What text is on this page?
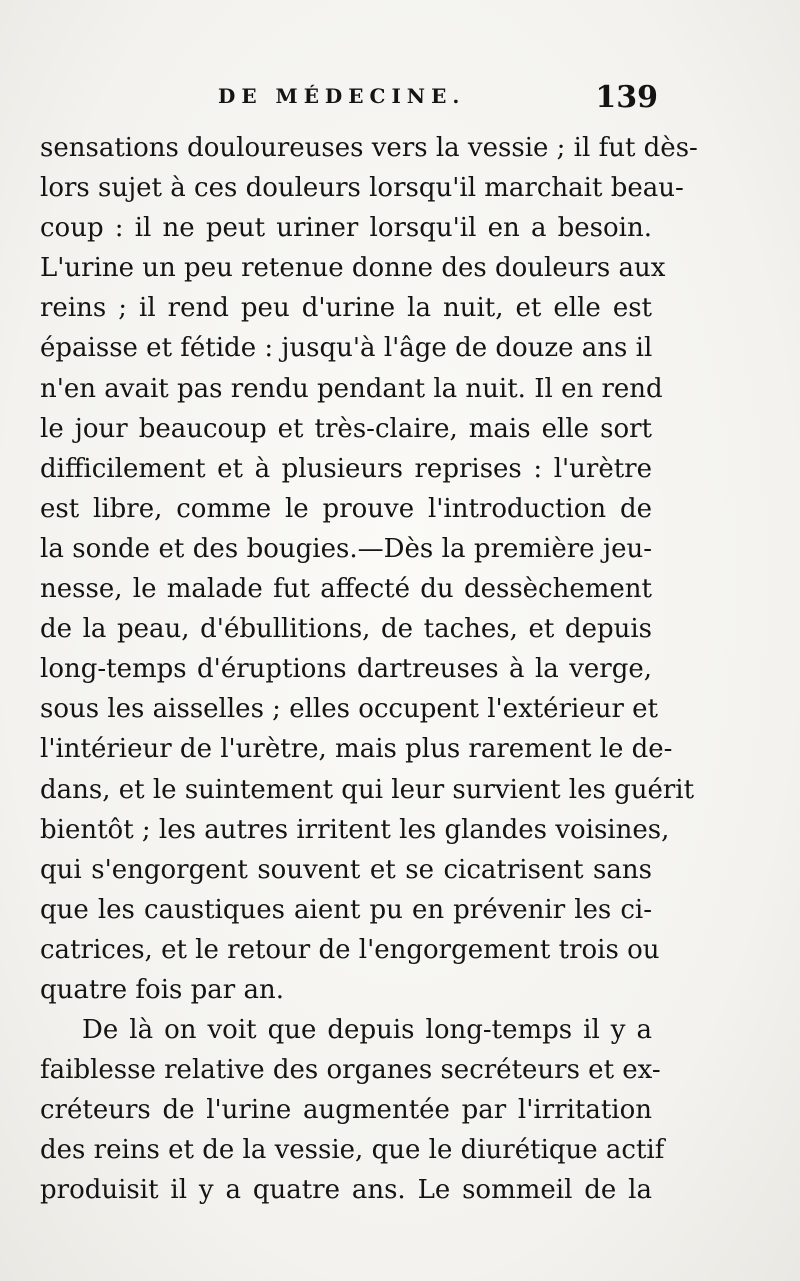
DE MÉDECINE.	139
sensations douloureuses vers la vessie ; il fut dès-
lors sujet à ces douleurs lorsqu'il marchait beau-
coup : il ne peut uriner lorsqu'il en a besoin.
L'urine un peu retenue donne des douleurs aux
reins ; il rend peu d'urine la nuit, et elle est
épaisse et fétide : jusqu'à l'âge de douze ans il
n'en avait pas rendu pendant la nuit. Il en rend
le jour beaucoup et très-claire, mais elle sort
difficilement et à plusieurs reprises : l'urètre
est libre, comme le prouve l'introduction de
la sonde et des bougies.—Dès la première jeu-
nesse, le malade fut affecté du dessèchement
de la peau, d'ébullitions, de taches, et depuis
long-temps d'éruptions dartreuses à la verge,
sous les aisselles ; elles occupent l'extérieur et
l'intérieur de l'urètre, mais plus rarement le de-
dans, et le suintement qui leur survient les guérit
bientôt ; les autres irritent les glandes voisines,
qui s'engorgent souvent et se cicatrisent sans
que les caustiques aient pu en prévenir les ci-
catrices, et le retour de l'engorgement trois ou
quatre fois par an.
De là on voit que depuis long-temps il y a
faiblesse relative des organes secréteurs et ex-
créteurs de l'urine augmentée par l'irritation
des reins et de la vessie, que le diurétique actif
produisit il y a quatre ans. Le sommeil de la
